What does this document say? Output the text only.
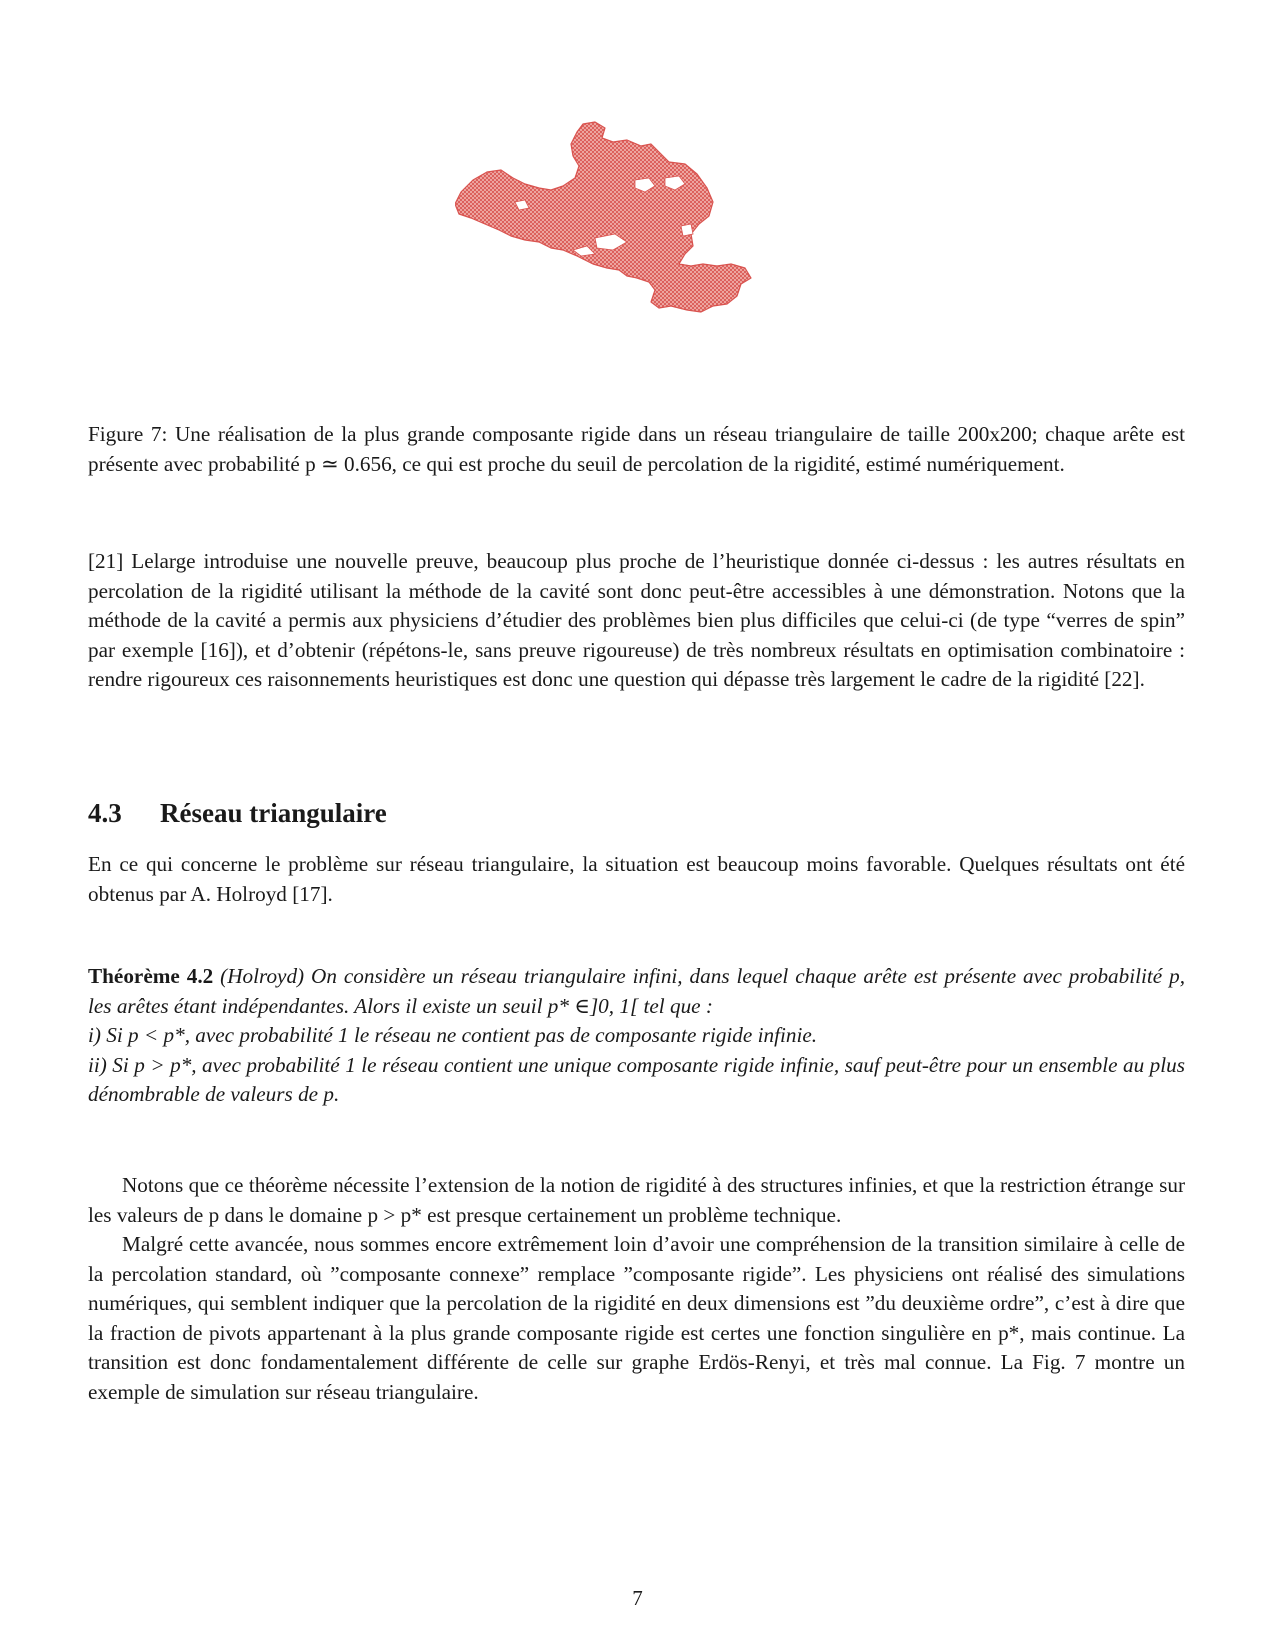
Figure 7: Une réalisation de la plus grande composante rigide dans un réseau triangulaire de taille 200x200; chaque arête est présente avec probabilité p ≃ 0.656, ce qui est proche du seuil de percolation de la rigidité, estimé numériquement.
[21] Lelarge introduise une nouvelle preuve, beaucoup plus proche de l’heuristique donnée ci-dessus : les autres résultats en percolation de la rigidité utilisant la méthode de la cavité sont donc peut-être accessibles à une démonstration. Notons que la méthode de la cavité a permis aux physiciens d’étudier des problèmes bien plus difficiles que celui-ci (de type “verres de spin” par exemple [16]), et d’obtenir (répétons-le, sans preuve rigoureuse) de très nombreux résultats en optimisation combinatoire : rendre rigoureux ces raisonnements heuristiques est donc une question qui dépasse très largement le cadre de la rigidité [22].
4.3 Réseau triangulaire
En ce qui concerne le problème sur réseau triangulaire, la situation est beaucoup moins favorable. Quelques résultats ont été obtenus par A. Holroyd [17].
Théorème 4.2 (Holroyd) On considère un réseau triangulaire infini, dans lequel chaque arête est présente avec probabilité p, les arêtes étant indépendantes. Alors il existe un seuil p* ∈]0, 1[ tel que :
i) Si p < p*, avec probabilité 1 le réseau ne contient pas de composante rigide infinie.
ii) Si p > p*, avec probabilité 1 le réseau contient une unique composante rigide infinie, sauf peut-être pour un ensemble au plus dénombrable de valeurs de p.

Notons que ce théorème nécessite l’extension de la notion de rigidité à des structures infinies, et que la restriction étrange sur les valeurs de p dans le domaine p > p* est presque certainement un problème technique.

Malgré cette avancée, nous sommes encore extrêmement loin d’avoir une compréhension de la transition similaire à celle de la percolation standard, où ”composante connexe” remplace ”composante rigide”. Les physiciens ont réalisé des simulations numériques, qui semblent indiquer que la percolation de la rigidité en deux dimensions est ”du deuxième ordre”, c’est à dire que la fraction de pivots appartenant à la plus grande composante rigide est certes une fonction singulière en p*, mais continue. La transition est donc fondamentalement différente de celle sur graphe Erdös-Renyi, et très mal connue. La Fig. 7 montre un exemple de simulation sur réseau triangulaire.

7
